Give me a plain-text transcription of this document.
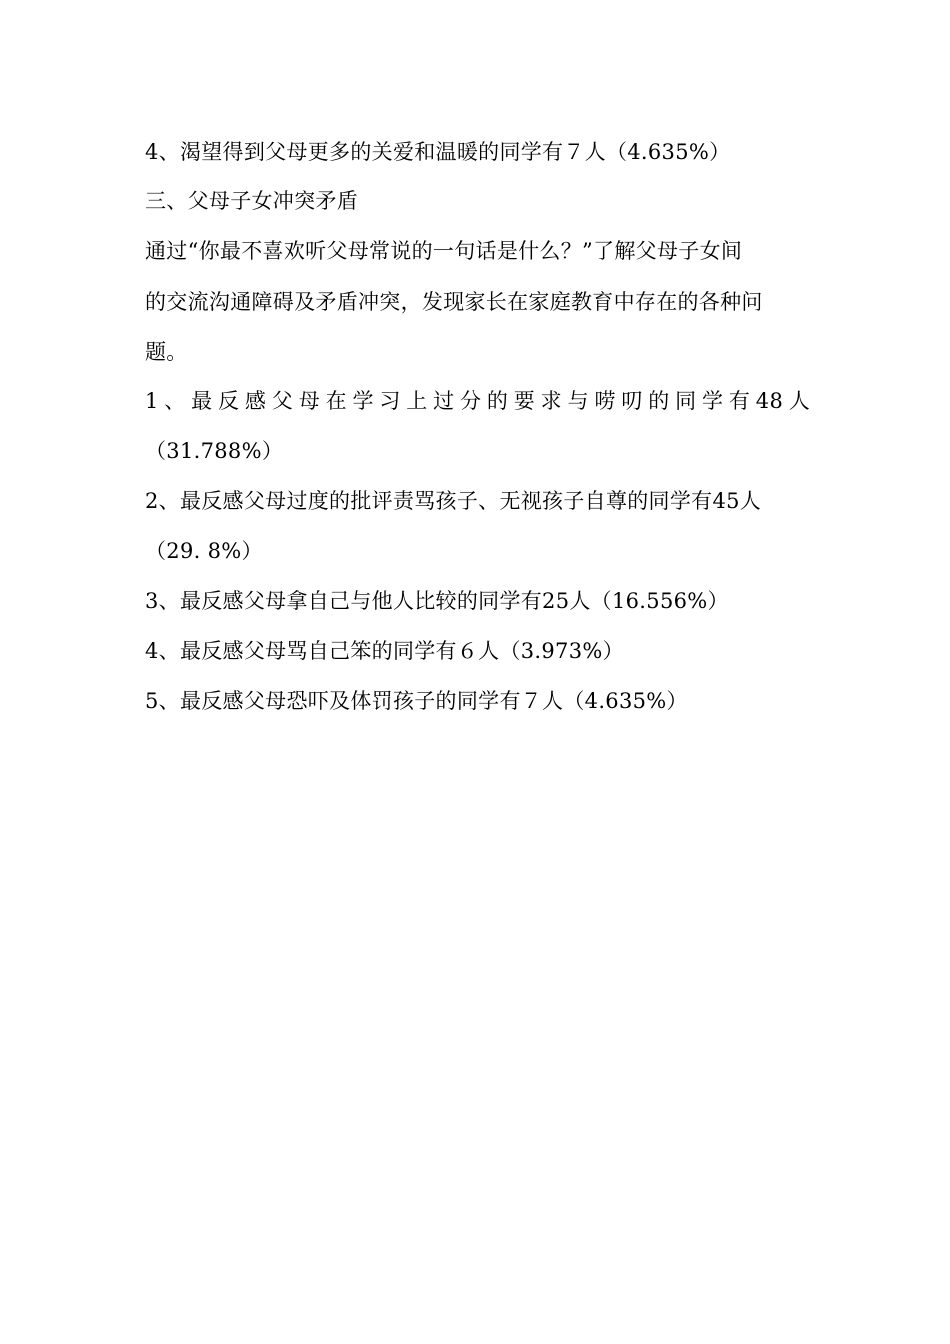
4、渴望得到父母更多的关爱和温暖的同学有７人（4.635%）
三、父母子女冲突矛盾
通过“你最不喜欢听父母常说的一句话是什么？”了解父母子女间
的交流沟通障碍及矛盾冲突，发现家长在家庭教育中存在的各种问
题。
1、最反感父母在学习上过分的要求与唠叨的同学有48人
（31.788%）
2、最反感父母过度的批评责骂孩子、无视孩子自尊的同学有45人
（29. 8%）
3、最反感父母拿自己与他人比较的同学有25人（16.556%）
4、最反感父母骂自己笨的同学有６人（3.973%）
5、最反感父母恐吓及体罚孩子的同学有７人（4.635%）
